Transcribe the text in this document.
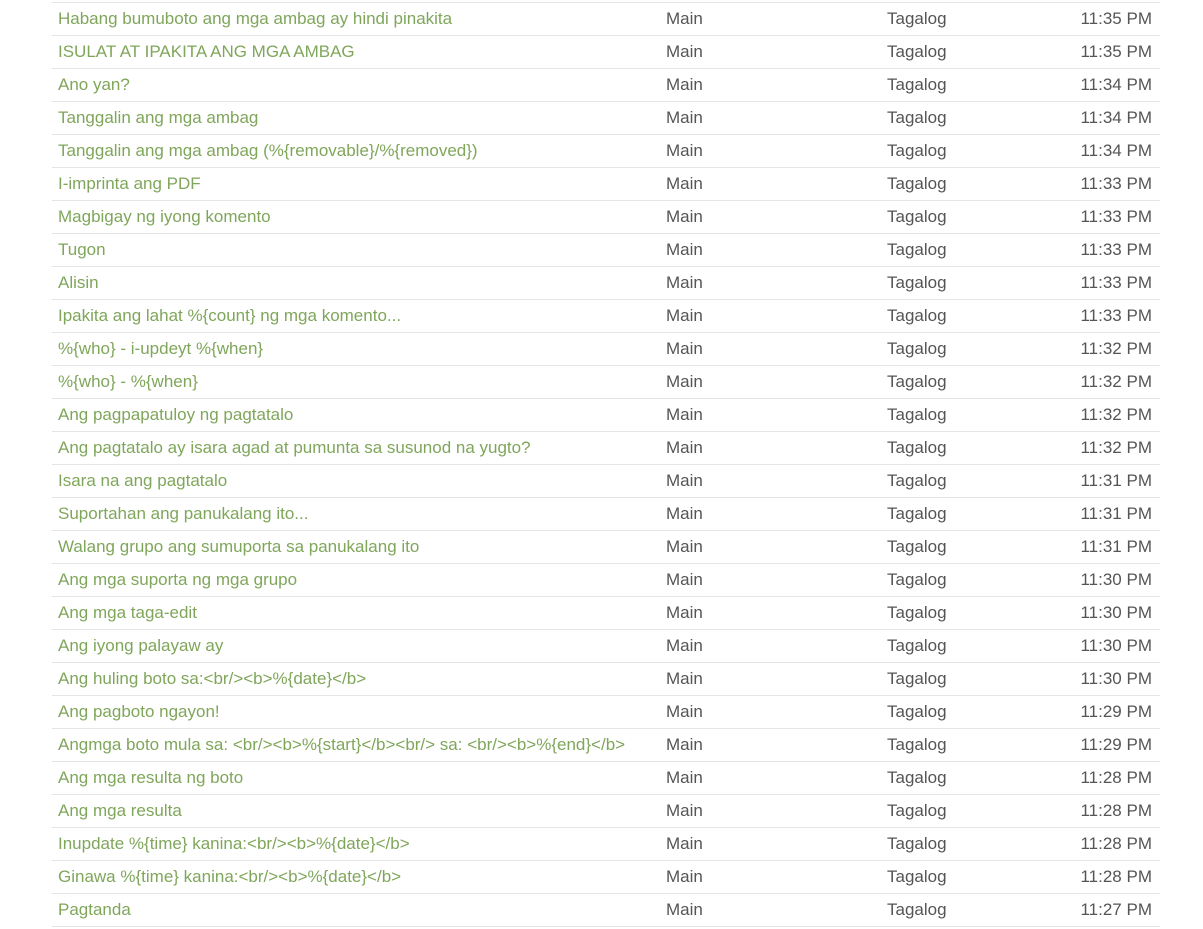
Habang bumuboto ang mga ambag ay hindi pinakita	Main	Tagalog	11:35 PM
ISULAT AT IPAKITA ANG MGA AMBAG	Main	Tagalog	11:35 PM
Ano yan?	Main	Tagalog	11:34 PM
Tanggalin ang mga ambag	Main	Tagalog	11:34 PM
Tanggalin ang mga ambag (%{removable}/%{removed})	Main	Tagalog	11:34 PM
I-imprinta ang PDF	Main	Tagalog	11:33 PM
Magbigay ng iyong komento	Main	Tagalog	11:33 PM
Tugon	Main	Tagalog	11:33 PM
Alisin	Main	Tagalog	11:33 PM
Ipakita ang lahat %{count} ng mga komento...	Main	Tagalog	11:33 PM
%{who} - i-updeyt %{when}	Main	Tagalog	11:32 PM
%{who} - %{when}	Main	Tagalog	11:32 PM
Ang pagpapatuloy ng pagtatalo	Main	Tagalog	11:32 PM
Ang pagtatalo ay isara agad at pumunta sa susunod na yugto?	Main	Tagalog	11:32 PM
Isara na ang pagtatalo	Main	Tagalog	11:31 PM
Suportahan ang panukalang ito...	Main	Tagalog	11:31 PM
Walang grupo ang sumuporta sa panukalang ito	Main	Tagalog	11:31 PM
Ang mga suporta ng mga grupo	Main	Tagalog	11:30 PM
Ang mga taga-edit	Main	Tagalog	11:30 PM
Ang iyong palayaw ay	Main	Tagalog	11:30 PM
Ang huling boto sa:<br/><b>%{date}</b>	Main	Tagalog	11:30 PM
Ang pagboto ngayon!	Main	Tagalog	11:29 PM
Angmga boto mula sa: <br/><b>%{start}</b><br/> sa: <br/><b>%{end}</b>	Main	Tagalog	11:29 PM
Ang mga resulta ng boto	Main	Tagalog	11:28 PM
Ang mga resulta	Main	Tagalog	11:28 PM
Inupdate %{time} kanina:<br/><b>%{date}</b>	Main	Tagalog	11:28 PM
Ginawa %{time} kanina:<br/><b>%{date}</b>	Main	Tagalog	11:28 PM
Pagtanda	Main	Tagalog	11:27 PM
